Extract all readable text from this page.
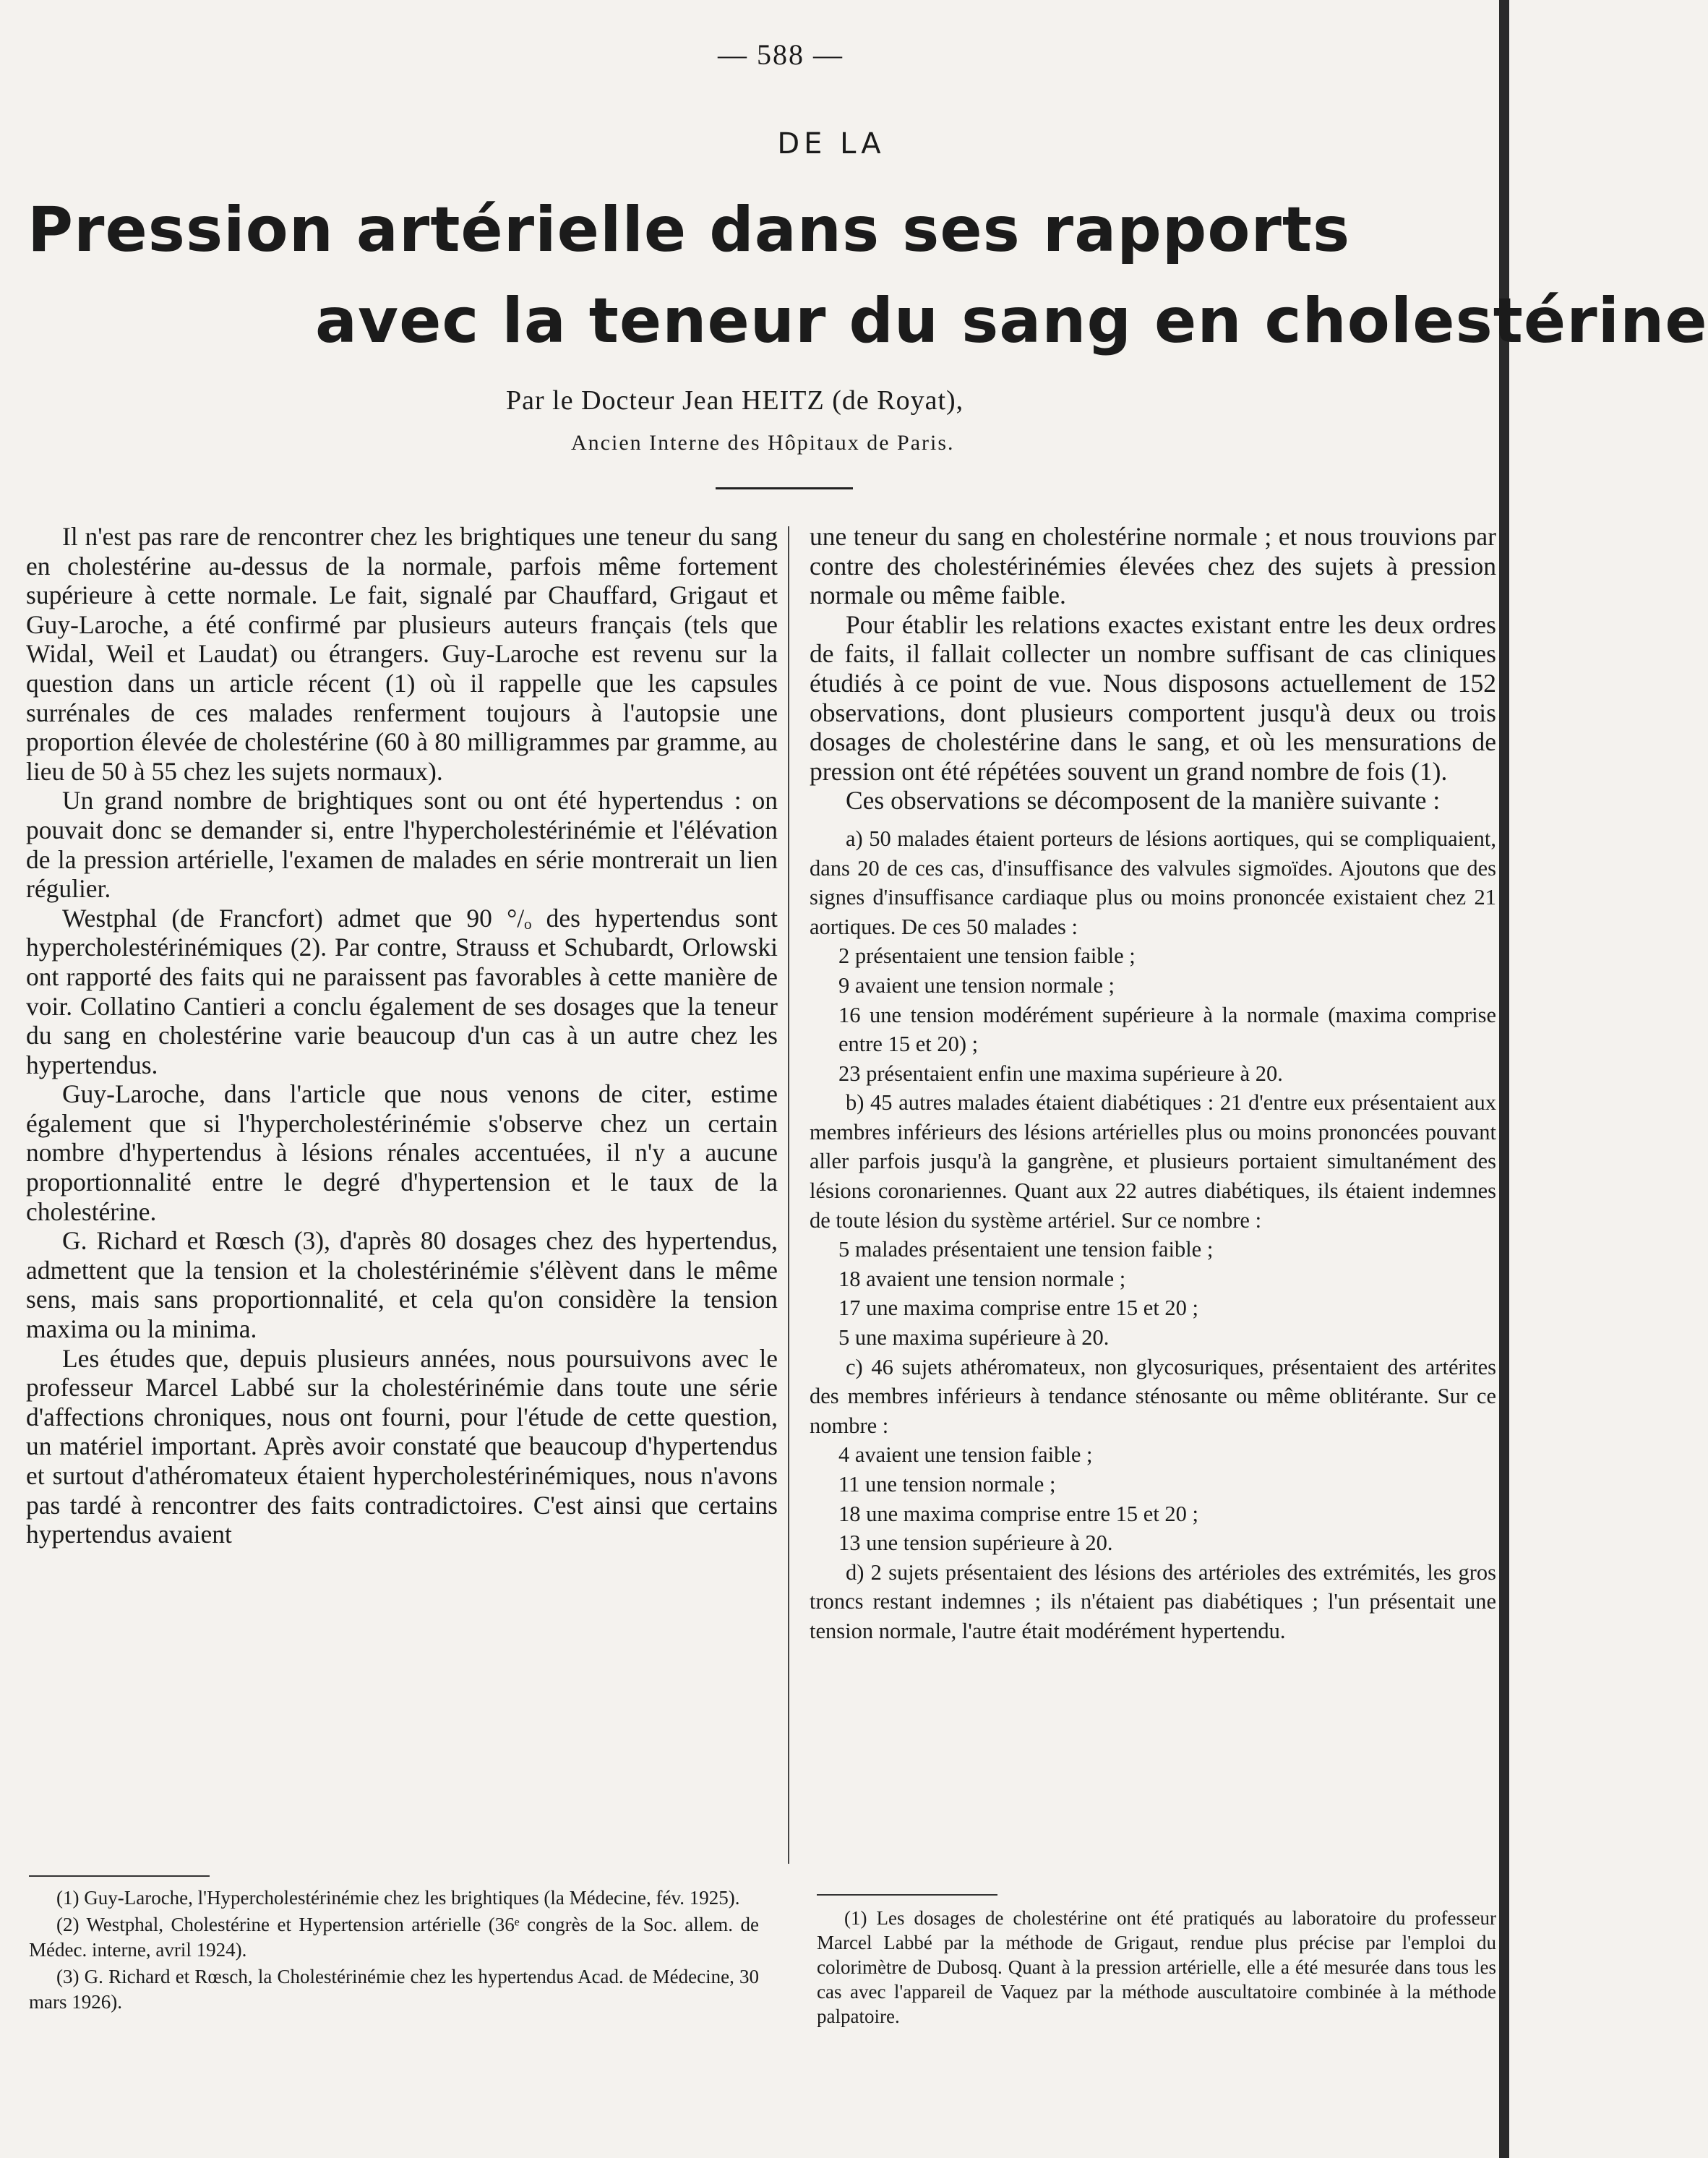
— 588 —
DE LA
Pression artérielle dans ses rapports
avec la teneur du sang en cholestérine
Par le Docteur Jean HEITZ (de Royat),
Ancien Interne des Hôpitaux de Paris.

Il n'est pas rare de rencontrer chez les brightiques une teneur du sang en cholestérine au-dessus de la normale, parfois même fortement supérieure à cette normale. Le fait, signalé par Chauffard, Grigaut et Guy-Laroche, a été confirmé par plusieurs auteurs français (tels que Widal, Weil et Laudat) ou étrangers. Guy-Laroche est revenu sur la question dans un article récent (1) où il rappelle que les capsules surrénales de ces malades renferment toujours à l'autopsie une proportion élevée de cholestérine (60 à 80 milligrammes par gramme, au lieu de 50 à 55 chez les sujets normaux).

Un grand nombre de brightiques sont ou ont été hypertendus : on pouvait donc se demander si, entre l'hypercholestérinémie et l'élévation de la pression artérielle, l'examen de malades en série montrerait un lien régulier.

Westphal (de Francfort) admet que 90 °/ₒ des hypertendus sont hypercholestérinémiques (2). Par contre, Strauss et Schubardt, Orlowski ont rapporté des faits qui ne paraissent pas favorables à cette manière de voir. Collatino Cantieri a conclu également de ses dosages que la teneur du sang en cholestérine varie beaucoup d'un cas à un autre chez les hypertendus.

Guy-Laroche, dans l'article que nous venons de citer, estime également que si l'hypercholestérinémie s'observe chez un certain nombre d'hypertendus à lésions rénales accentuées, il n'y a aucune proportionnalité entre le degré d'hypertension et le taux de la cholestérine.

G. Richard et Rœsch (3), d'après 80 dosages chez des hypertendus, admettent que la tension et la cholestérinémie s'élèvent dans le même sens, mais sans proportionnalité, et cela qu'on considère la tension maxima ou la minima.

Les études que, depuis plusieurs années, nous poursuivons avec le professeur Marcel Labbé sur la cholestérinémie dans toute une série d'affections chroniques, nous ont fourni, pour l'étude de cette question, un matériel important. Après avoir constaté que beaucoup d'hypertendus et surtout d'athéromateux étaient hypercholestérinémiques, nous n'avons pas tardé à rencontrer des faits contradictoires. C'est ainsi que certains hypertendus avaient

une teneur du sang en cholestérine normale ; et nous trouvions par contre des cholestérinémies élevées chez des sujets à pression normale ou même faible.

Pour établir les relations exactes existant entre les deux ordres de faits, il fallait collecter un nombre suffisant de cas cliniques étudiés à ce point de vue. Nous disposons actuellement de 152 observations, dont plusieurs comportent jusqu'à deux ou trois dosages de cholestérine dans le sang, et où les mensurations de pression ont été répétées souvent un grand nombre de fois (1).

Ces observations se décomposent de la manière suivante :

a) 50 malades étaient porteurs de lésions aortiques, qui se compliquaient, dans 20 de ces cas, d'insuffisance des valvules sigmoïdes. Ajoutons que des signes d'insuffisance cardiaque plus ou moins prononcée existaient chez 21 aortiques. De ces 50 malades :

2 présentaient une tension faible ;
9 avaient une tension normale ;
16 une tension modérément supérieure à la normale (maxima comprise entre 15 et 20) ;
23 présentaient enfin une maxima supérieure à 20.

b) 45 autres malades étaient diabétiques : 21 d'entre eux présentaient aux membres inférieurs des lésions artérielles plus ou moins prononcées pouvant aller parfois jusqu'à la gangrène, et plusieurs portaient simultanément des lésions coronariennes. Quant aux 22 autres diabétiques, ils étaient indemnes de toute lésion du système artériel. Sur ce nombre :

5 malades présentaient une tension faible ;
18 avaient une tension normale ;
17 une maxima comprise entre 15 et 20 ;
5 une maxima supérieure à 20.

c) 46 sujets athéromateux, non glycosuriques, présentaient des artérites des membres inférieurs à tendance sténosante ou même oblitérante. Sur ce nombre :

4 avaient une tension faible ;
11 une tension normale ;
18 une maxima comprise entre 15 et 20 ;
13 une tension supérieure à 20.

d) 2 sujets présentaient des lésions des artérioles des extrémités, les gros troncs restant indemnes ; ils n'étaient pas diabétiques ; l'un présentait une tension normale, l'autre était modérément hypertendu.

(1) Guy-Laroche, l'Hypercholestérinémie chez les brightiques (la Médecine, fév. 1925).

(2) Westphal, Cholestérine et Hypertension artérielle (36ᵉ congrès de la Soc. allem. de Médec. interne, avril 1924).

(3) G. Richard et Rœsch, la Cholestérinémie chez les hypertendus Acad. de Médecine, 30 mars 1926).

(1) Les dosages de cholestérine ont été pratiqués au laboratoire du professeur Marcel Labbé par la méthode de Grigaut, rendue plus précise par l'emploi du colorimètre de Dubosq. Quant à la pression artérielle, elle a été mesurée dans tous les cas avec l'appareil de Vaquez par la méthode auscultatoire combinée à la méthode palpatoire.
